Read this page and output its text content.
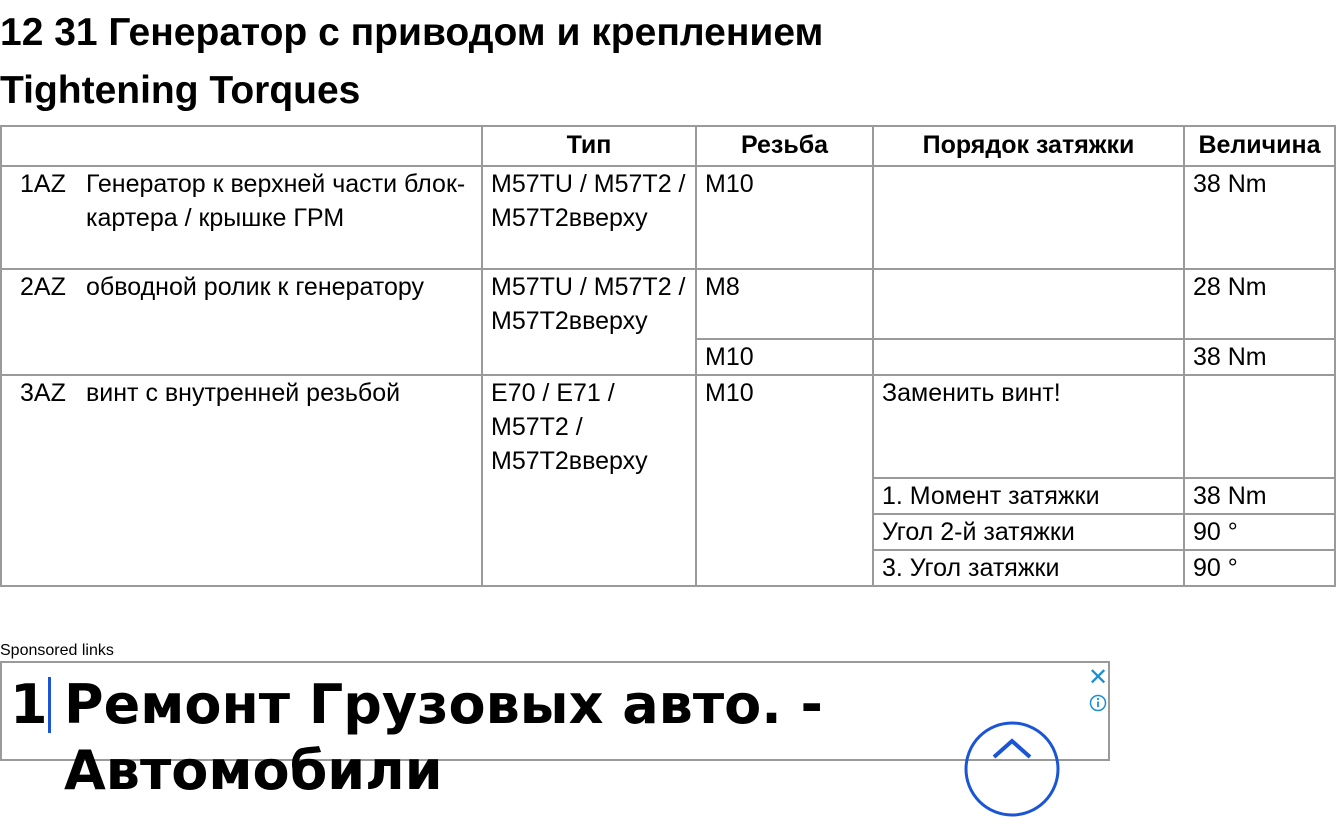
12 31 Генератор с приводом и креплением
Tightening Torques
	Тип	Резьба	Порядок затяжки	Величина

1AZ Генератор к верхней части блок-картера / крышке ГРМ	M57TU / M57T2 / M57T2вверху	M10		38 Nm

2AZ обводной ролик к генератору	M57TU / M57T2 / M57T2вверху	M8		28 Nm
		M10		38 Nm

3AZ винт с внутренней резьбой	E70 / E71 / M57T2 / M57T2вверху	M10	Заменить винт!	
			1. Момент затяжки	38 Nm
			Угол 2-й затяжки	90 °
			3. Угол затяжки	90 °
Sponsored links
1 Ремонт Грузовых авто. -
Автомобили
✕
